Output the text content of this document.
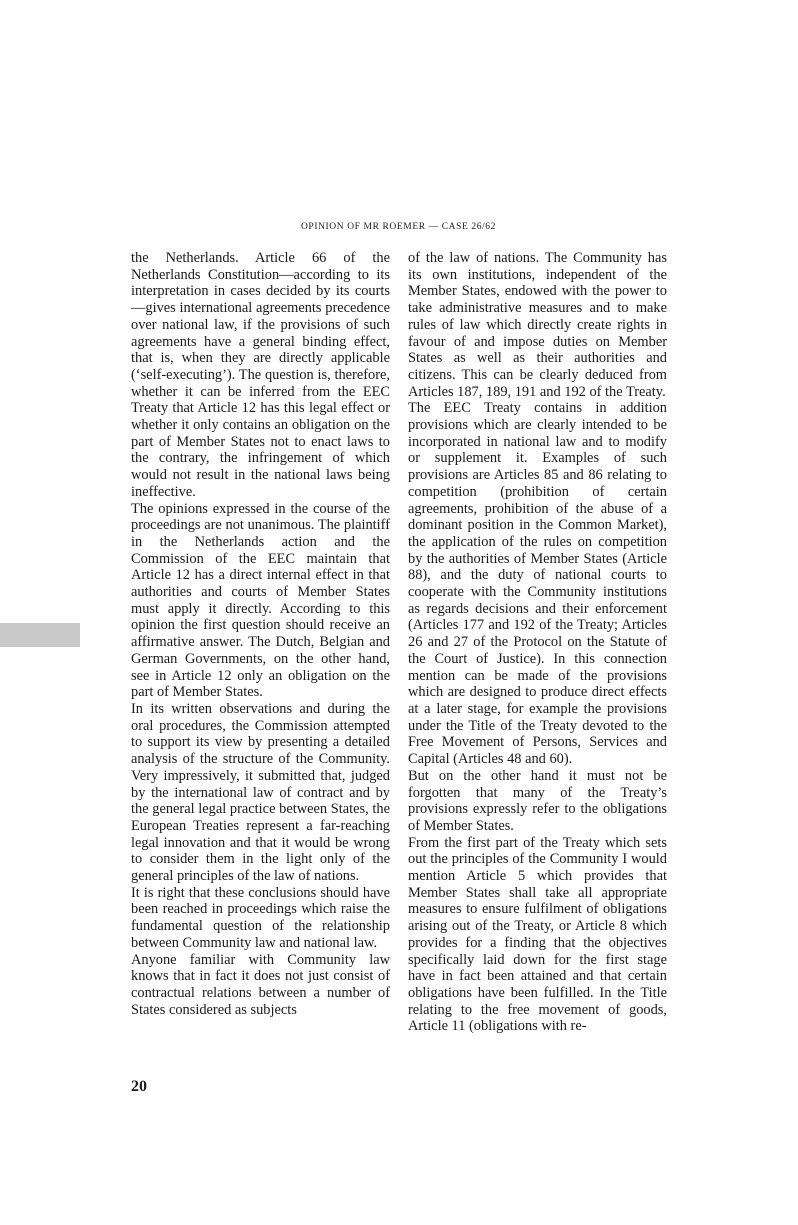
OPINION OF MR ROEMER — CASE 26/62

the Netherlands. Article 66 of the Netherlands Constitution—according to its interpretation in cases decided by its courts—gives international agreements precedence over national law, if the provisions of such agreements have a general binding effect, that is, when they are directly applicable (‘self-executing’). The question is, therefore, whether it can be inferred from the EEC Treaty that Article 12 has this legal effect or whether it only contains an obligation on the part of Member States not to enact laws to the contrary, the infringement of which would not result in the national laws being ineffective.

The opinions expressed in the course of the proceedings are not unanimous. The plaintiff in the Netherlands action and the Commission of the EEC maintain that Article 12 has a direct internal effect in that authorities and courts of Member States must apply it directly. According to this opinion the first question should receive an affirmative answer. The Dutch, Belgian and German Governments, on the other hand, see in Article 12 only an obligation on the part of Member States.

In its written observations and during the oral procedures, the Commission attempted to support its view by presenting a detailed analysis of the structure of the Community. Very impressively, it submitted that, judged by the international law of contract and by the general legal practice between States, the European Treaties represent a far-reaching legal innovation and that it would be wrong to consider them in the light only of the general principles of the law of nations.

It is right that these conclusions should have been reached in proceedings which raise the fundamental question of the relationship between Community law and national law.

Anyone familiar with Community law knows that in fact it does not just consist of contractual relations between a number of States considered as subjects

of the law of nations. The Community has its own institutions, independent of the Member States, endowed with the power to take administrative measures and to make rules of law which directly create rights in favour of and impose duties on Member States as well as their authorities and citizens. This can be clearly deduced from Articles 187, 189, 191 and 192 of the Treaty.

The EEC Treaty contains in addition provisions which are clearly intended to be incorporated in national law and to modify or supplement it. Examples of such provisions are Articles 85 and 86 relating to competition (prohibition of certain agreements, prohibition of the abuse of a dominant position in the Common Market), the application of the rules on competition by the authorities of Member States (Article 88), and the duty of national courts to cooperate with the Community institutions as regards decisions and their enforcement (Articles 177 and 192 of the Treaty; Articles 26 and 27 of the Protocol on the Statute of the Court of Justice). In this connection mention can be made of the provisions which are designed to produce direct effects at a later stage, for example the provisions under the Title of the Treaty devoted to the Free Movement of Persons, Services and Capital (Articles 48 and 60).

But on the other hand it must not be forgotten that many of the Treaty’s provisions expressly refer to the obligations of Member States.

From the first part of the Treaty which sets out the principles of the Community I would mention Article 5 which provides that Member States shall take all appropriate measures to ensure fulfilment of obligations arising out of the Treaty, or Article 8 which provides for a finding that the objectives specifically laid down for the first stage have in fact been attained and that certain obligations have been fulfilled. In the Title relating to the free movement of goods, Article 11 (obligations with re-

20
